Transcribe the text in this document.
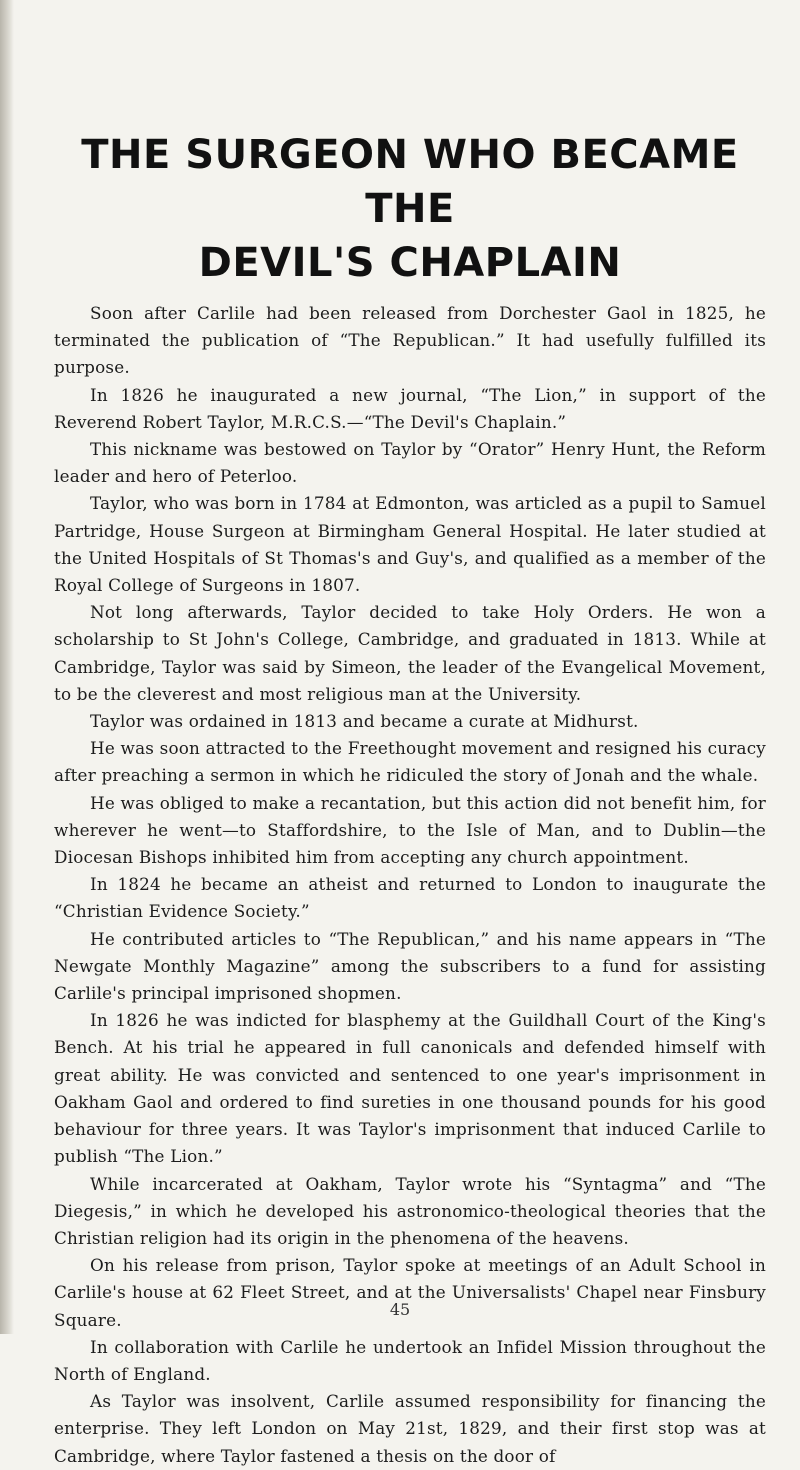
THE SURGEON WHO BECAME THE
DEVIL'S CHAPLAIN

Soon after Carlile had been released from Dorchester Gaol in 1825, he terminated the publication of “The Republican.” It had usefully fulfilled its purpose.

In 1826 he inaugurated a new journal, “The Lion,” in support of the Reverend Robert Taylor, M.R.C.S.—“The Devil's Chaplain.”

This nickname was bestowed on Taylor by “Orator” Henry Hunt, the Reform leader and hero of Peterloo.

Taylor, who was born in 1784 at Edmonton, was articled as a pupil to Samuel Partridge, House Surgeon at Birmingham General Hospital. He later studied at the United Hospitals of St Thomas's and Guy's, and qualified as a member of the Royal College of Surgeons in 1807.

Not long afterwards, Taylor decided to take Holy Orders. He won a scholarship to St John's College, Cambridge, and graduated in 1813. While at Cambridge, Taylor was said by Simeon, the leader of the Evangelical Movement, to be the cleverest and most religious man at the University.

Taylor was ordained in 1813 and became a curate at Midhurst.

He was soon attracted to the Freethought movement and resigned his curacy after preaching a sermon in which he ridiculed the story of Jonah and the whale.

He was obliged to make a recantation, but this action did not benefit him, for wherever he went—to Staffordshire, to the Isle of Man, and to Dublin—the Diocesan Bishops inhibited him from accepting any church appointment.

In 1824 he became an atheist and returned to London to inaugurate the “Christian Evidence Society.”

He contributed articles to “The Republican,” and his name appears in “The Newgate Monthly Magazine” among the subscribers to a fund for assisting Carlile's principal imprisoned shopmen.

In 1826 he was indicted for blasphemy at the Guildhall Court of the King's Bench. At his trial he appeared in full canonicals and defended himself with great ability. He was convicted and sentenced to one year's imprisonment in Oakham Gaol and ordered to find sureties in one thousand pounds for his good behaviour for three years. It was Taylor's imprisonment that induced Carlile to publish “The Lion.”

While incarcerated at Oakham, Taylor wrote his “Syntagma” and “The Diegesis,” in which he developed his astronomico-theological theories that the Christian religion had its origin in the phenomena of the heavens.

On his release from prison, Taylor spoke at meetings of an Adult School in Carlile's house at 62 Fleet Street, and at the Universalists' Chapel near Finsbury Square.

In collaboration with Carlile he undertook an Infidel Mission throughout the North of England.

As Taylor was insolvent, Carlile assumed responsibility for financing the enterprise. They left London on May 21st, 1829, and their first stop was at Cambridge, where Taylor fastened a thesis on the door of

45
